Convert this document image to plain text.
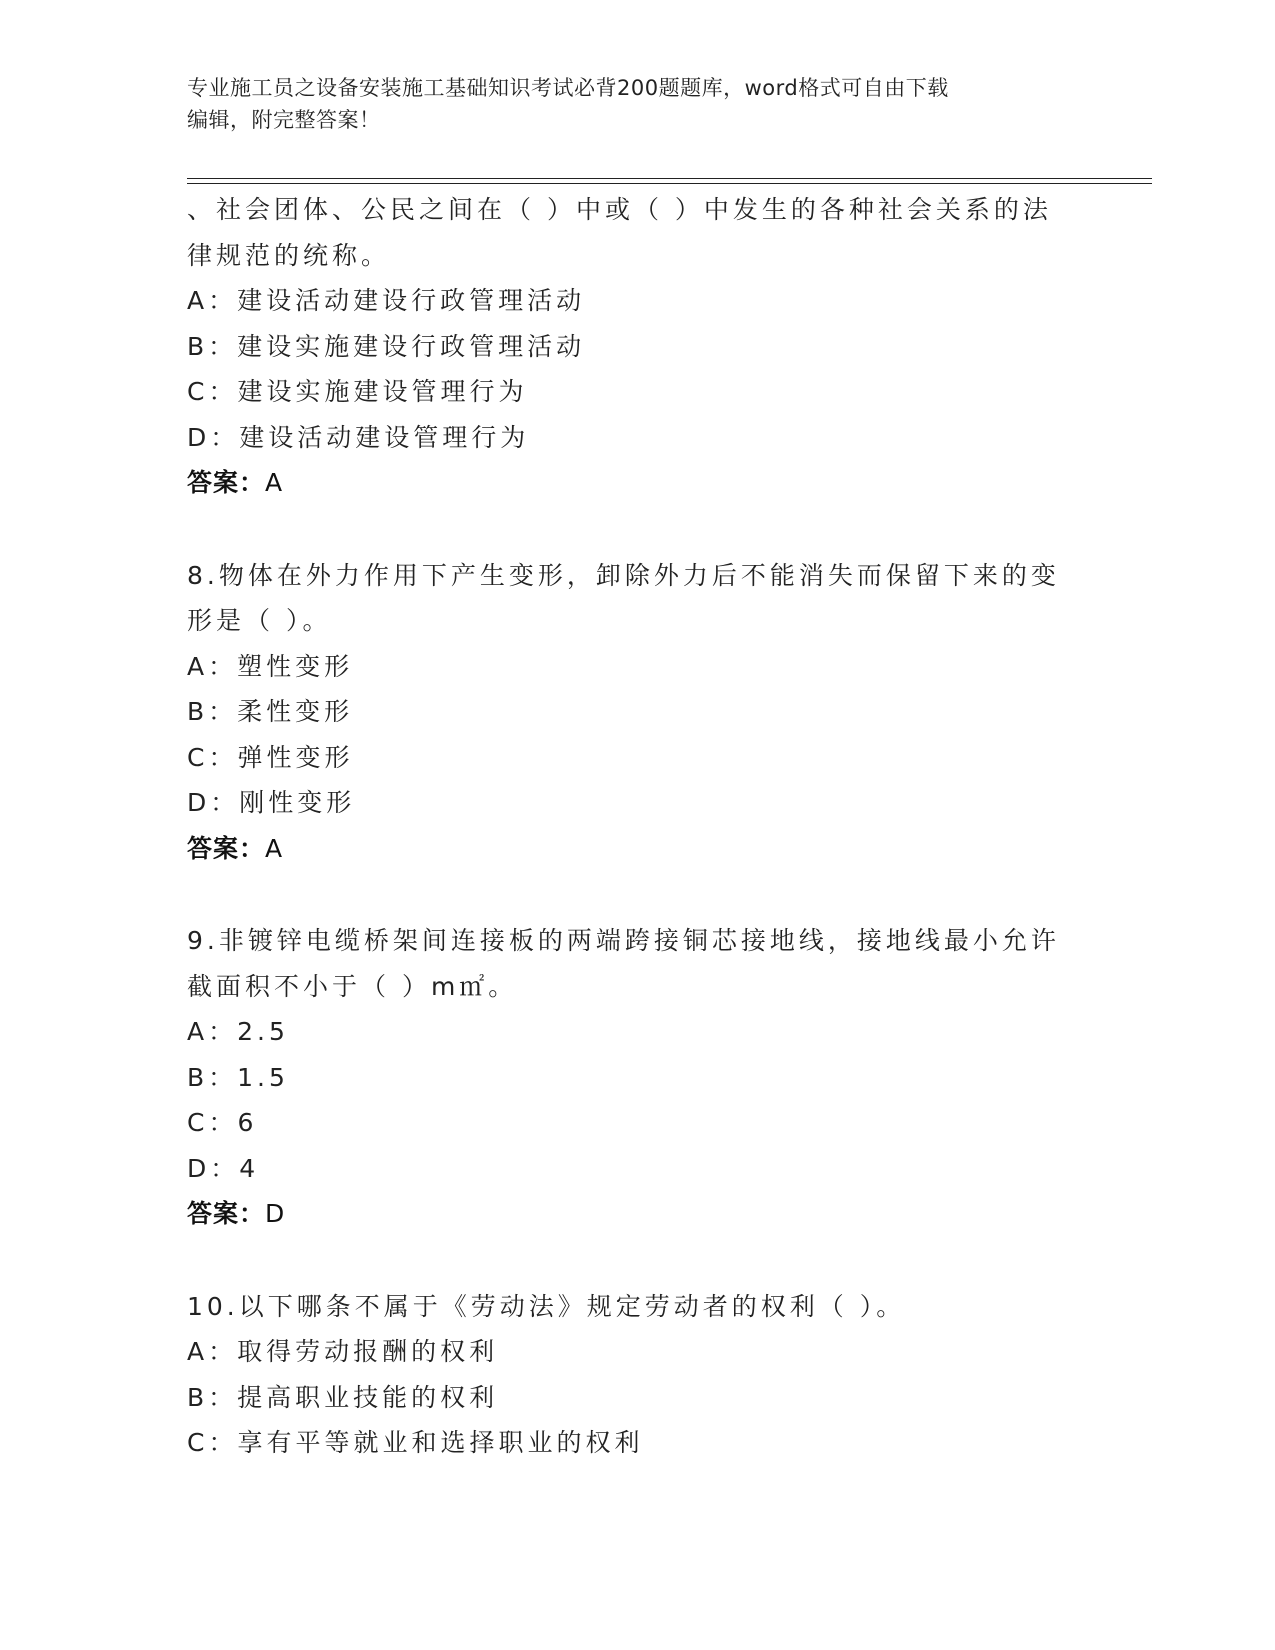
专业施工员之设备安装施工基础知识考试必背200题题库，word格式可自由下载
编辑，附完整答案！
、社会团体、公民之间在（ ）中或（ ）中发生的各种社会关系的法
律规范的统称。
A：建设活动建设行政管理活动
B：建设实施建设行政管理活动
C：建设实施建设管理行为
D：建设活动建设管理行为
答案：A
8.物体在外力作用下产生变形，卸除外力后不能消失而保留下来的变
形是（ ）。
A：塑性变形
B：柔性变形
C：弹性变形
D：刚性变形
答案：A
9.非镀锌电缆桥架间连接板的两端跨接铜芯接地线，接地线最小允许
截面积不小于（ ）m㎡。
A：2.5
B：1.5
C：6
D：4
答案：D
10.以下哪条不属于《劳动法》规定劳动者的权利（ ）。
A：取得劳动报酬的权利
B：提高职业技能的权利
C：享有平等就业和选择职业的权利
